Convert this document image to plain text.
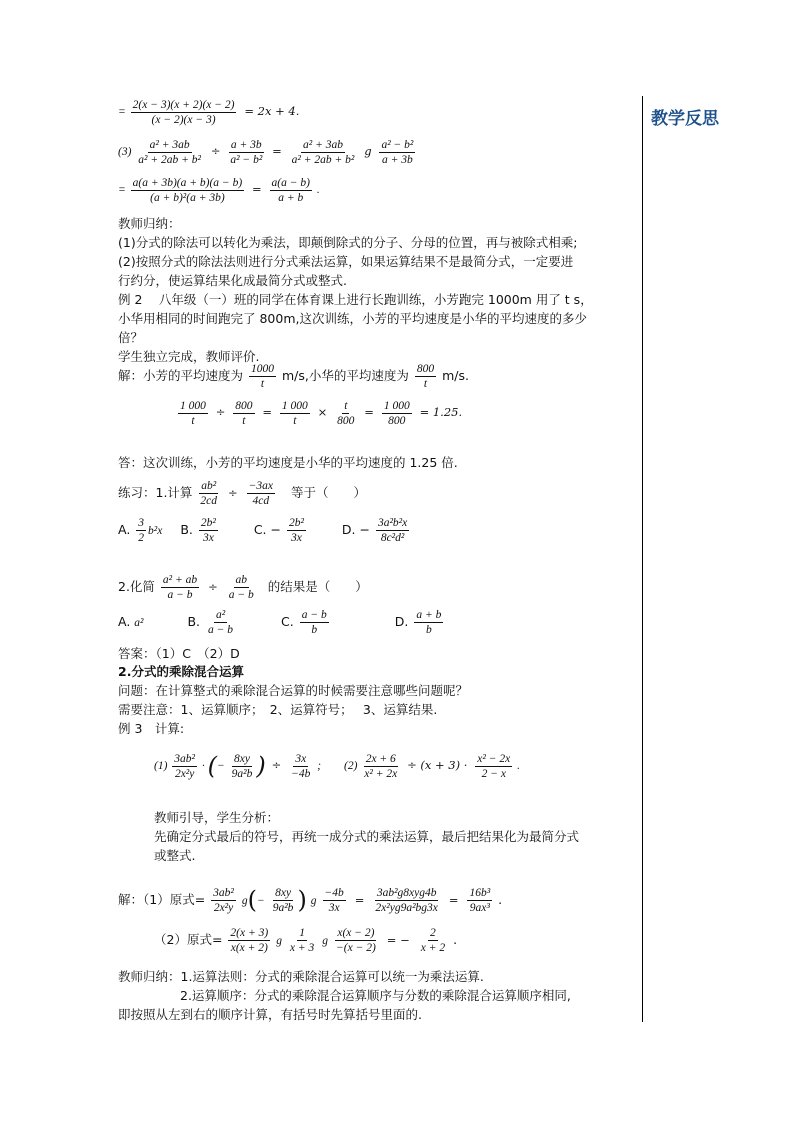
教学反思
= $\frac{2(x - 3)(x + 2)(x - 2)}{(x - 2)(x - 3)} = 2x + 4$.
$(3) \frac{\text{a² + 3ab}}{\text{a² + 2ab + b²}} \div \frac{a + 3b}{\text{a² − b²}} = \frac{\text{a² + 3ab}}{\text{a² + 2ab + b²}}$ g $\frac{\text{a² − b²}}{a + 3b}$
= $\frac{a(a + 3b)(a + b)(a - b)}{\text{(a + b)²(a + 3b)}} = \frac{a(a - b)}{a + b}$ .
教师归纳：
(1)分式的除法可以转化为乘法，即颠倒除式的分子、分母的位置，再与被除式相乘;
(2)按照分式的除法法则进行分式乘法运算，如果运算结果不是最简分式，一定要进
行约分，使运算结果化成最简分式或整式.
例 2　 八年级（一）班的同学在体育课上进行长跑训练，小芳跑完 1000m 用了 t s，
小华用相同的时间跑完了 800m,这次训练，小芳的平均速度是小华的平均速度的多少
倍？
学生独立完成，教师评价.
解：小芳的平均速度为 $\frac{1000}{t} m/s$,小华的平均速度为 $\frac{800}{t} m/s$.
$\frac{1 000}{t} \div \frac{800}{t} = \frac{1 000}{t} \times \frac{t}{800} = \frac{1 000}{800} = 1.25$.
答：这次训练，小芳的平均速度是小华的平均速度的 1.25 倍.
练习：1.计算 $\frac{\text{ab²}}{2cd} \div \frac{-3ax}{4cd}$ 等于（　　）
A. $\frac{3}{2} b^2x$ B. $\frac{\text{2b²}}{3x}$	C. − $\frac{\text{2b²}}{3x}$	D. − $\frac{\text{3a²b²x}}{\text{8c²d²}}$
2.化简 $\frac{\text{a² + ab}}{a - b} \div \frac{ab}{a - b}$ 的结果是（　　）
A. a²	B. $\frac{\text{a²}}{a - b}$	C. $\frac{a - b}{b}$	D. $\frac{a + b}{b}$
答案：（1）C　（2）D
2.分式的乘除混合运算
问题：在计算整式的乘除混合运算的时候需要注意哪些问题呢？
需要注意：1、运算顺序；　2、运算符号；　 3、运算结果.
例 3　计算:
$(1) \frac{\text{3ab²}}{\text{2x²y}}$ · (− $\frac{8xy}{\text{9a²b}}$ ) ÷ $\frac{3x}{-4b}$ ; $(2) \frac{2x + 6}{\text{x² + 2x}} \div (x + 3) \cdot \frac{\text{x² − 2x}}{2 - x}$ .
教师引导，学生分析：
先确定分式最后的符号，再统一成分式的乘法运算，最后把结果化为最简分式
或整式.
解：（1）原式= $\frac{\text{3ab²}}{\text{2x²y}} g(- \frac{8xy}{\text{9a²b}}$ ) g $\frac{-4b}{3x} = \frac{\text{3ab²g8xyg4b}}{\text{2x²yg9a²bg3x}} = \frac{\text{16b³}}{\text{9ax³}}$ .
（2）原式= $\frac{2(x + 3)}{x(x + 2)}$ g $\frac{1}{x + 3}$ g $\frac{x(x - 2)}{-(x - 2)}$ = − $\frac{2}{x + 2}$ .
教师归纳：1.运算法则：分式的乘除混合运算可以统一为乘法运算.
2.运算顺序：分式的乘除混合运算顺序与分数的乘除混合运算顺序相同,
即按照从左到右的顺序计算，有括号时先算括号里面的.
